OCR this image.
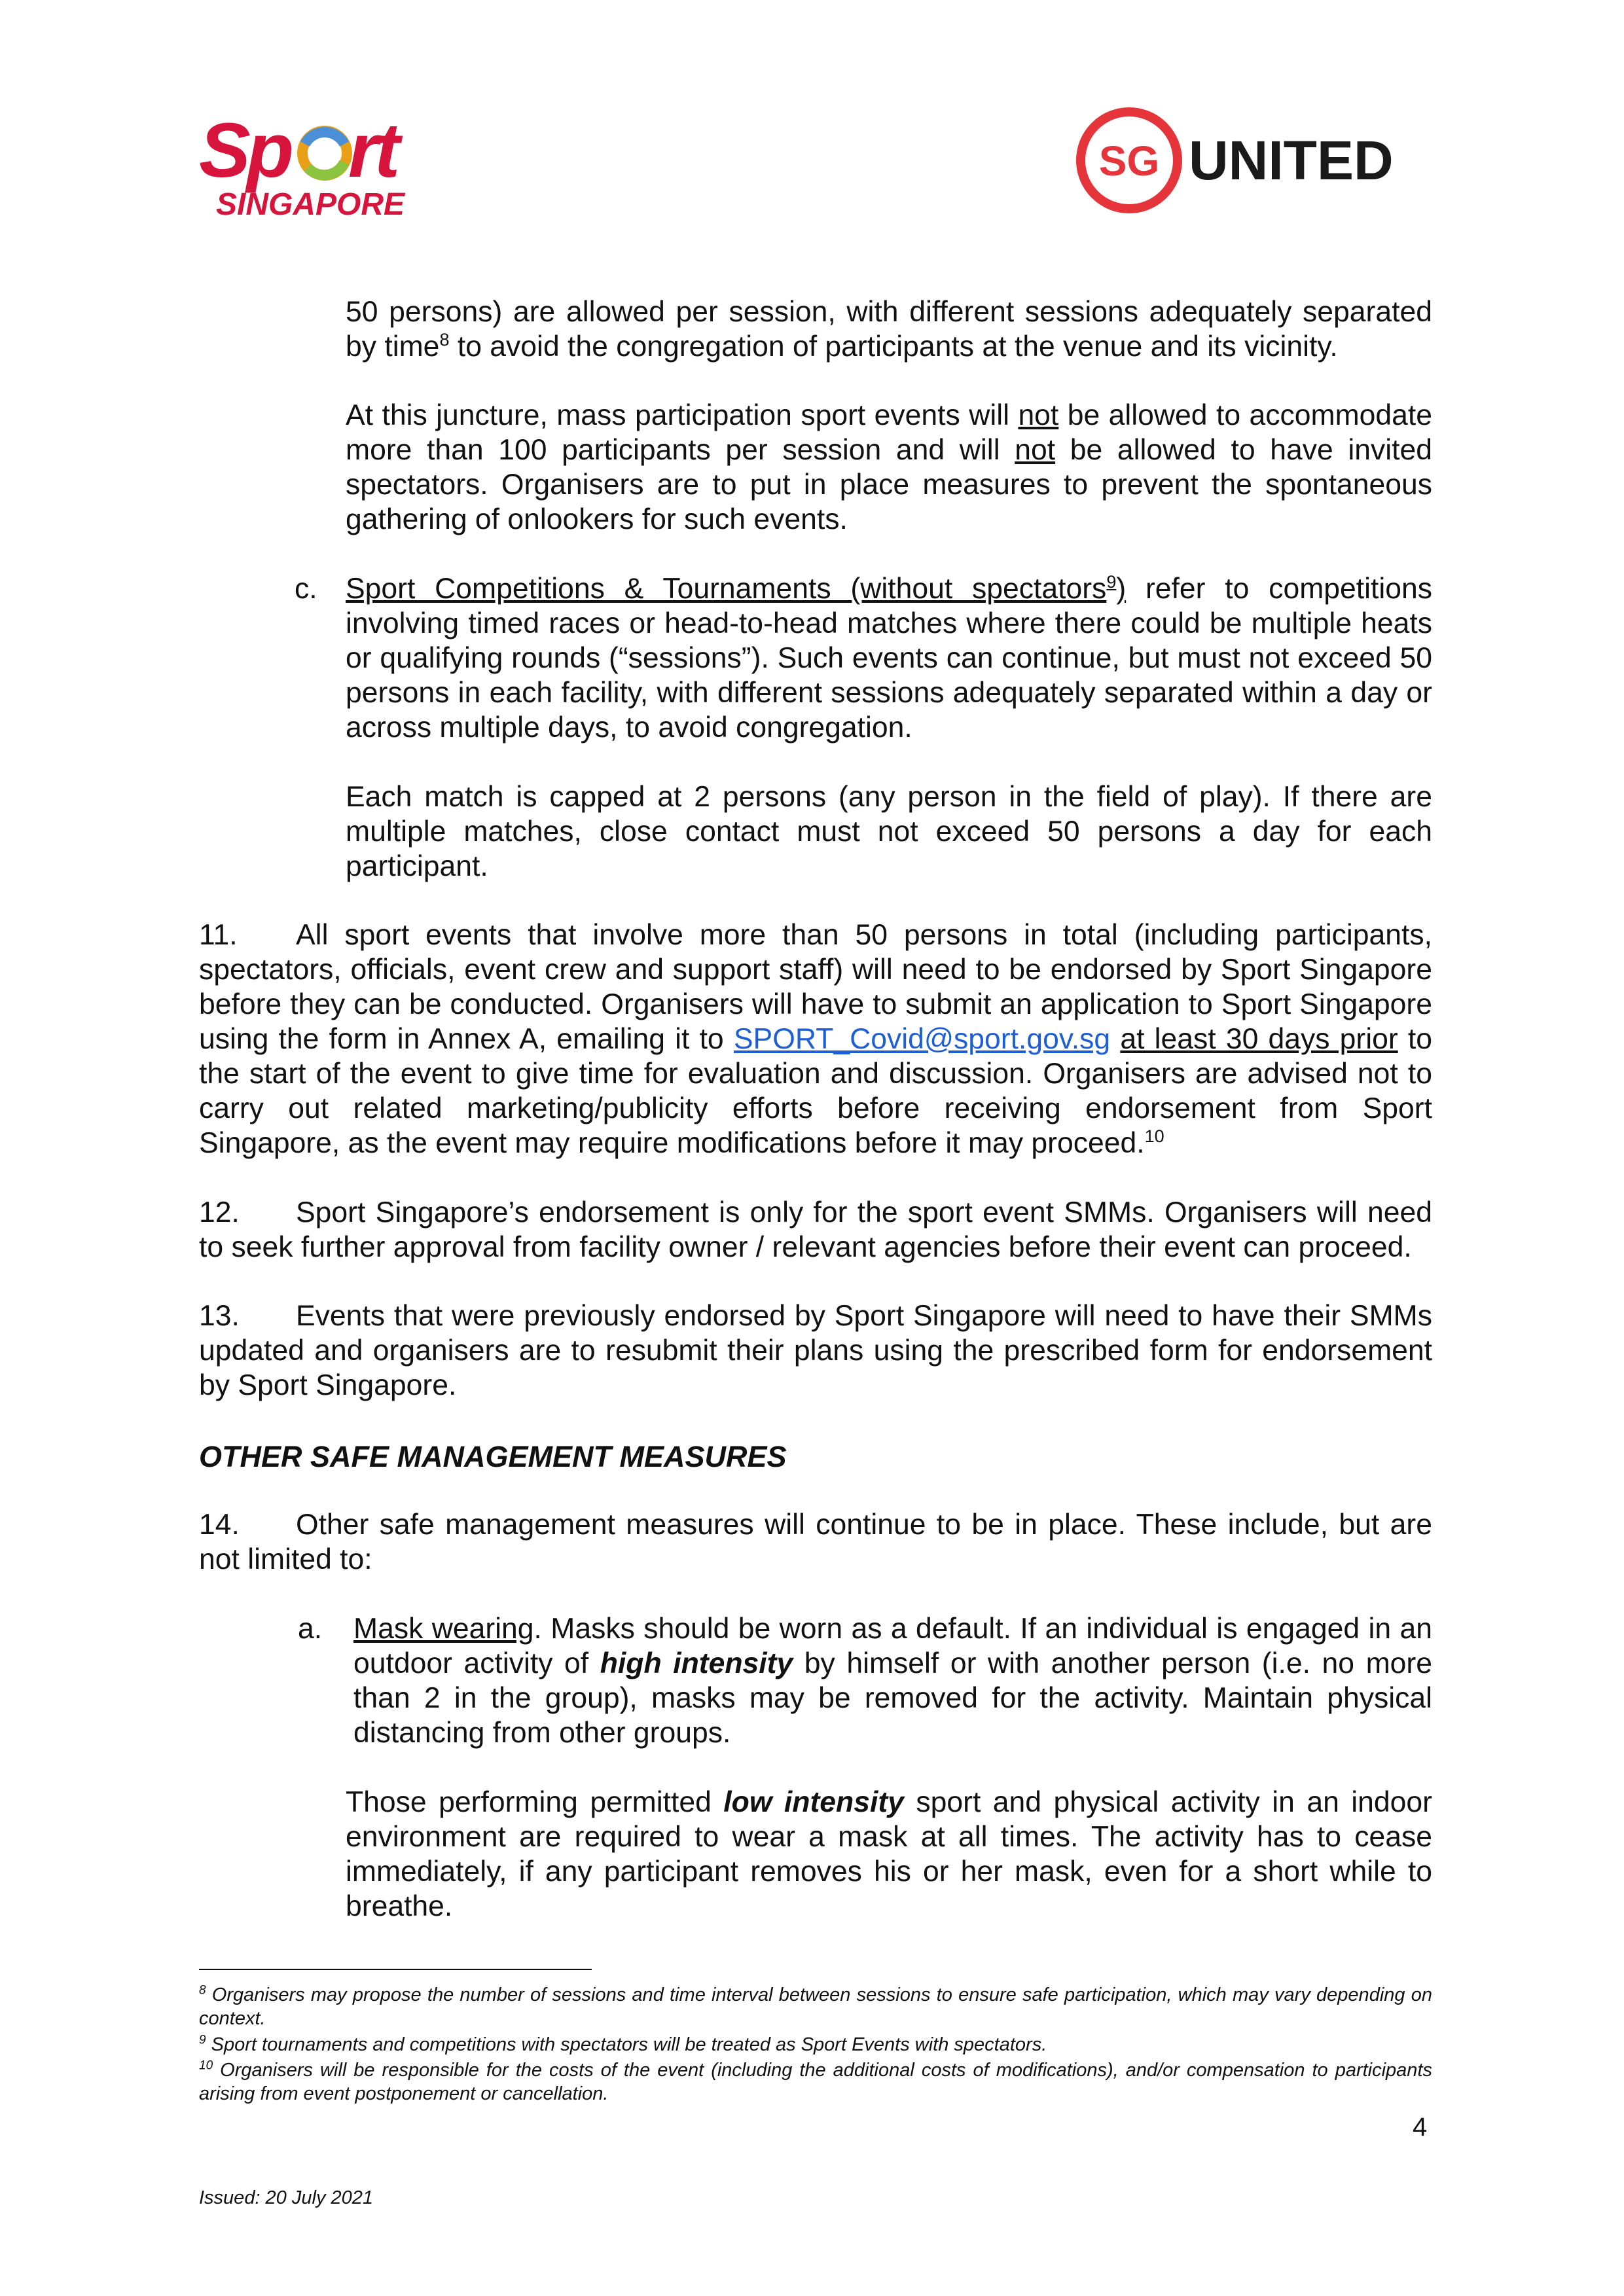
Sp rt
SINGAPORE
SG UNITED

50 persons) are allowed per session, with different sessions adequately separated by time$^8$ to avoid the congregation of participants at the venue and its vicinity.

At this juncture, mass participation sport events will not be allowed to accommodate more than 100 participants per session and will not be allowed to have invited spectators. Organisers are to put in place measures to prevent the spontaneous gathering of onlookers for such events.

c. Sport Competitions & Tournaments (without spectators$^9$) refer to competitions involving timed races or head-to-head matches where there could be multiple heats or qualifying rounds (“sessions”). Such events can continue, but must not exceed 50 persons in each facility, with different sessions adequately separated within a day or across multiple days, to avoid congregation.

Each match is capped at 2 persons (any person in the field of play). If there are multiple matches, close contact must not exceed 50 persons a day for each participant.

11. All sport events that involve more than 50 persons in total (including participants, spectators, officials, event crew and support staff) will need to be endorsed by Sport Singapore before they can be conducted. Organisers will have to submit an application to Sport Singapore using the form in Annex A, emailing it to SPORT_Covid@sport.gov.sg at least 30 days prior to the start of the event to give time for evaluation and discussion. Organisers are advised not to carry out related marketing/publicity efforts before receiving endorsement from Sport Singapore, as the event may require modifications before it may proceed.$^{10}$

12. Sport Singapore’s endorsement is only for the sport event SMMs. Organisers will need to seek further approval from facility owner / relevant agencies before their event can proceed.

13. Events that were previously endorsed by Sport Singapore will need to have their SMMs updated and organisers are to resubmit their plans using the prescribed form for endorsement by Sport Singapore.

OTHER SAFE MANAGEMENT MEASURES

14. Other safe management measures will continue to be in place. These include, but are not limited to:

a. Mask wearing. Masks should be worn as a default. If an individual is engaged in an outdoor activity of high intensity by himself or with another person (i.e. no more than 2 in the group), masks may be removed for the activity. Maintain physical distancing from other groups.

Those performing permitted low intensity sport and physical activity in an indoor environment are required to wear a mask at all times. The activity has to cease immediately, if any participant removes his or her mask, even for a short while to breathe.

$^8$ Organisers may propose the number of sessions and time interval between sessions to ensure safe participation, which may vary depending on context.

$^9$ Sport tournaments and competitions with spectators will be treated as Sport Events with spectators.

$^{10}$ Organisers will be responsible for the costs of the event (including the additional costs of modifications), and/or compensation to participants arising from event postponement or cancellation.

4

Issued: 20 July 2021
